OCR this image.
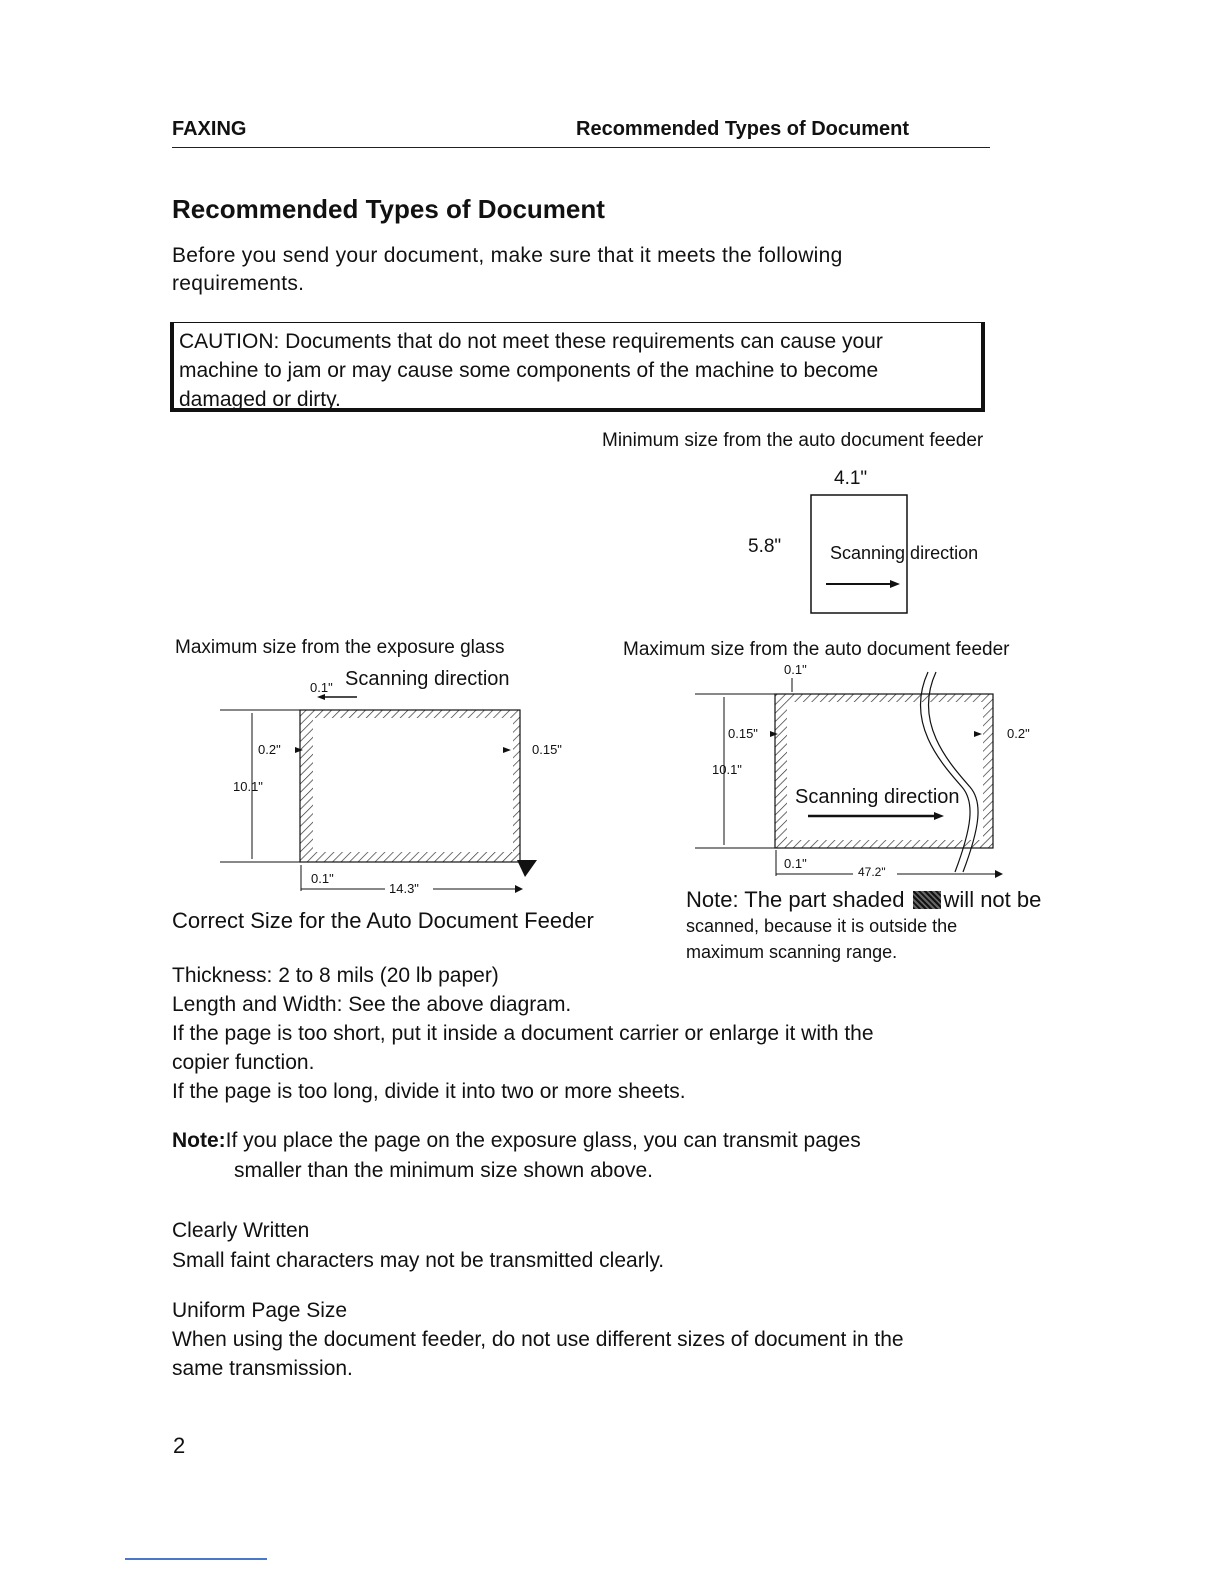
FAXING	Recommended Types of Document
Recommended Types of Document
Before you send your document, make sure that it meets the following
requirements.
CAUTION: Documents that do not meet these requirements can cause your
machine to jam or may cause some components of the machine to become
damaged or dirty.
Minimum size from the auto document feeder
4.1"
5.8"	Scanning direction
Maximum size from the exposure glass
0.1" Scanning direction
10.1"
0.2"	0.15"
0.1"
14.3"
Maximum size from the auto document feeder
0.1"
10.1"
0.15"	0.2"
Scanning direction
0.1"
47.2"
Correct Size for the Auto Document Feeder
Note: The part shaded will not be
scanned, because it is outside the
maximum scanning range.
Thickness: 2 to 8 mils (20 lb paper)
Length and Width: See the above diagram.
If the page is too short, put it inside a document carrier or enlarge it with the
copier function.
If the page is too long, divide it into two or more sheets.
Note:If you place the page on the exposure glass, you can transmit pages
smaller than the minimum size shown above.
Clearly Written
Small faint characters may not be transmitted clearly.
Uniform Page Size
When using the document feeder, do not use different sizes of document in the
same transmission.
2
